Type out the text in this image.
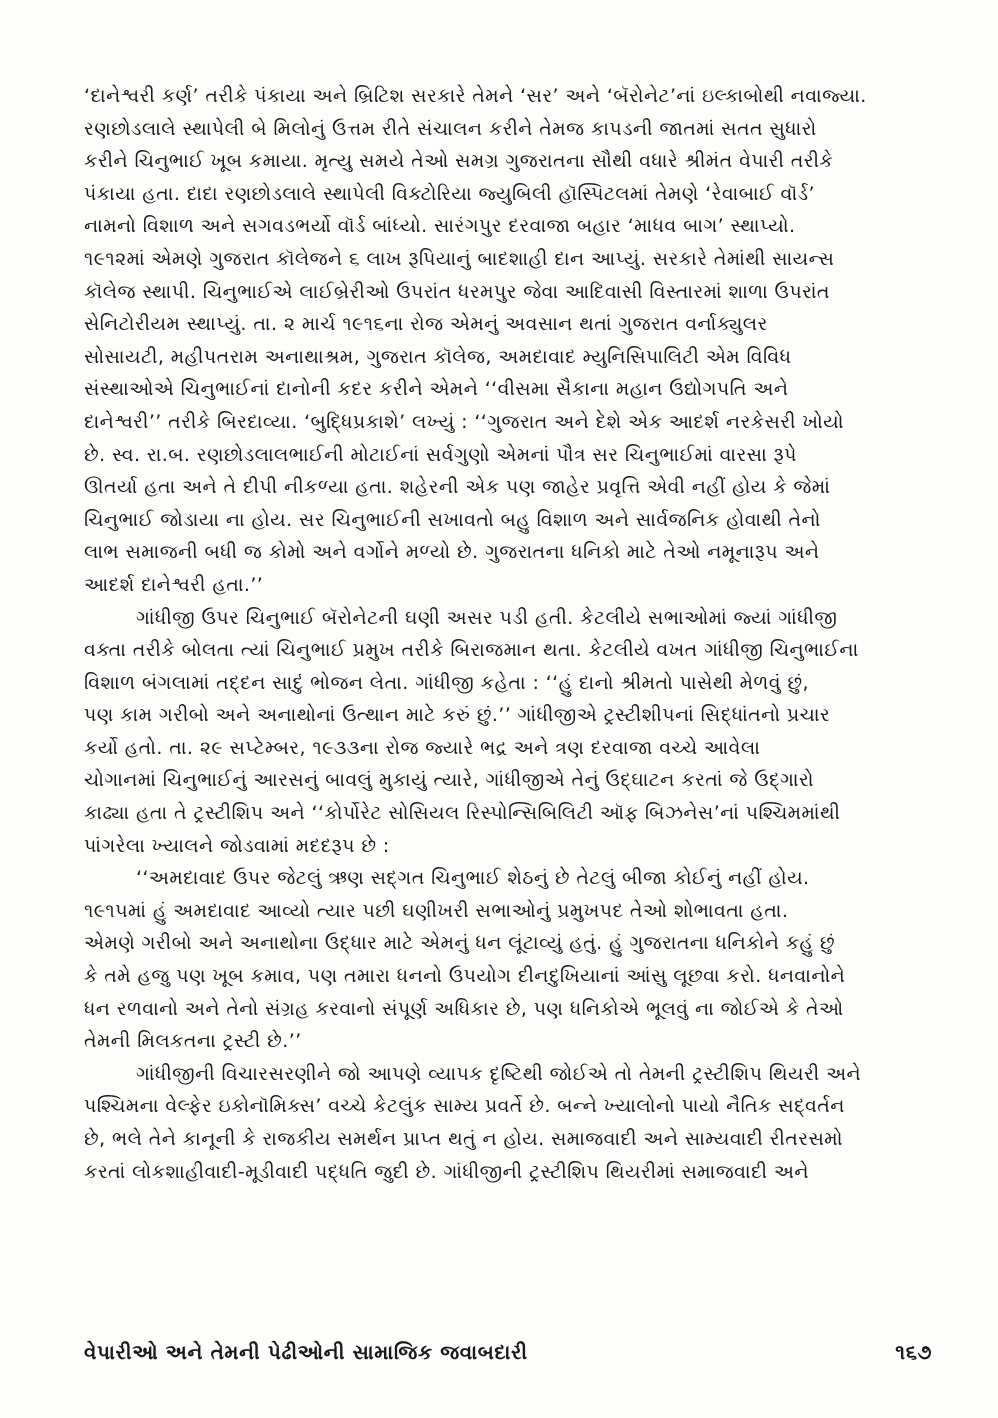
‘દાનેશ્વરી કર્ણ’ તરીકે પંકાયા અને બ્રિટિશ સરકારે તેમને ‘સર’ અને ‘બૅરોનેટ’નાં ઇલ્કાબોથી નવાજ્યા.
રણછોડલાલે સ્થાપેલી બે મિલોનું ઉત્તમ રીતે સંચાલન કરીને તેમજ કાપડની જાતમાં સતત સુધારો
કરીને ચિનુભાઈ ખૂબ કમાયા. મૃત્યુ સમયે તેઓ સમગ્ર ગુજરાતના સૌથી વધારે શ્રીમંત વેપારી તરીકે
પંકાયા હતા. દાદા રણછોડલાલે સ્થાપેલી વિક્ટોરિયા જ્યુબિલી હૉસ્પિટલમાં તેમણે ‘રેવાબાઈ વૉર્ડ’
નામનો વિશાળ અને સગવડભર્યો વૉર્ડ બાંધ્યો. સારંગપુર દરવાજા બહાર ‘માધવ બાગ’ સ્થાપ્યો.
૧૯૧૨માં એમણે ગુજરાત કૉલેજને ૬ લાખ રૂપિયાનું બાદશાહી દાન આપ્યું. સરકારે તેમાંથી સાયન્સ
કૉલેજ સ્થાપી. ચિનુભાઈએ લાઈબ્રેરીઓ ઉપરાંત ધરમપુર જેવા આદિવાસી વિસ્તારમાં શાળા ઉપરાંત
સેનિટોરીયમ સ્થાપ્યું. તા. ૨ માર્ચ ૧૯૧૬ના રોજ એમનું અવસાન થતાં ગુજરાત વર્નાક્યુલર
સોસાયટી, મહીપતરામ અનાથાશ્રમ, ગુજરાત કૉલેજ, અમદાવાદ મ્યુનિસિપાલિટી એમ વિવિધ
સંસ્થાઓએ ચિનુભાઈનાં દાનોની કદર કરીને એમને ‘‘વીસમા સૈકાના મહાન ઉદ્યોગપતિ અને
દાનેશ્વરી’’ તરીકે બિરદાવ્યા. ‘બુદ્ધિપ્રકાશે’ લખ્યું : ‘‘ગુજરાત અને દેશે એક આદર્શ નરકેસરી ખોયો
છે. સ્વ. રા.બ. રણછોડલાલભાઈની મોટાઈનાં સર્વગુણો એમનાં પૌત્ર સર ચિનુભાઈમાં વારસા રૂપે
ઊતર્યા હતા અને તે દીપી નીકળ્યા હતા. શહેરની એક પણ જાહેર પ્રવૃત્તિ એવી નહીં હોય કે જેમાં
ચિનુભાઈ જોડાયા ના હોય. સર ચિનુભાઈની સખાવતો બહુ વિશાળ અને સાર્વજનિક હોવાથી તેનો
લાભ સમાજની બધી જ કોમો અને વર્ગોને મળ્યો છે. ગુજરાતના ધનિકો માટે તેઓ નમૂનારૂપ અને
આદર્શ દાનેશ્વરી હતા.’’
ગાંધીજી ઉપર ચિનુભાઈ બૅરોનેટની ઘણી અસર પડી હતી. કેટલીયે સભાઓમાં જ્યાં ગાંધીજી
વક્તા તરીકે બોલતા ત્યાં ચિનુભાઈ પ્રમુખ તરીકે બિરાજમાન થતા. કેટલીયે વખત ગાંધીજી ચિનુભાઈના
વિશાળ બંગલામાં તદ્દન સાદું ભોજન લેતા. ગાંધીજી કહેતા : ‘‘હું દાનો શ્રીમતો પાસેથી મેળવું છું,
પણ કામ ગરીબો અને અનાથોનાં ઉત્થાન માટે કરું છું.’’ ગાંધીજીએ ટ્રસ્ટીશીપનાં સિદ્ધાંતનો પ્રચાર
કર્યો હતો. તા. ૨૯ સપ્ટેમ્બર, ૧૯૩૩ના રોજ જ્યારે ભદ્ર અને ત્રણ દરવાજા વચ્ચે આવેલા
ચોગાનમાં ચિનુભાઈનું આરસનું બાવલું મુકાયું ત્યારે, ગાંધીજીએ તેનું ઉદ્‌ઘાટન કરતાં જે ઉદ્‌ગારો
કાઢ્યા હતા તે ટ્રસ્ટીશિપ અને ‘‘કોર્પોરેટ સોસિયલ રિસ્પોન્સિબિલિટી ઑફ બિઝનેસ’નાં પશ્ચિમમાંથી
પાંગરેલા ખ્યાલને જોડવામાં મદદરૂપ છે :
‘‘અમદાવાદ ઉપર જેટલું ઋણ સદ્‌ગત ચિનુભાઈ શેઠનું છે તેટલું બીજા કોઈનું નહીં હોય.
૧૯૧૫માં હું અમદાવાદ આવ્યો ત્યાર પછી ઘણીખરી સભાઓનું પ્રમુખપદ તેઓ શોભાવતા હતા.
એમણે ગરીબો અને અનાથોના ઉદ્ધાર માટે એમનું ધન લૂંટાવ્યું હતું. હું ગુજરાતના ધનિકોને કહું છું
કે તમે હજુ પણ ખૂબ કમાવ, પણ તમારા ધનનો ઉપયોગ દીનદુખિયાનાં આંસુ લૂછવા કરો. ધનવાનોને
ધન રળવાનો અને તેનો સંગ્રહ કરવાનો સંપૂર્ણ અધિકાર છે, પણ ધનિકોએ ભૂલવું ના જોઈએ કે તેઓ
તેમની મિલકતના ટ્રસ્ટી છે.’’
ગાંધીજીની વિચારસરણીને જો આપણે વ્યાપક દૃષ્ટિથી જોઈએ તો તેમની ટ્રસ્ટીશિપ થિયરી અને
પશ્ચિમના વેલ્ફેર ઇકોનૉમિક્સ’ વચ્ચે કેટલુંક સામ્ય પ્રવર્તે છે. બન્ને ખ્યાલોનો પાયો નૈતિક સદ્‌વર્તન
છે, ભલે તેને કાનૂની કે રાજકીય સમર્થન પ્રાપ્ત થતું ન હોય. સમાજવાદી અને સામ્યવાદી રીતરસમો
કરતાં લોકશાહીવાદી-મૂડીવાદી પદ્ધતિ જુદી છે. ગાંધીજીની ટ્રસ્ટીશિપ થિયરીમાં સમાજવાદી અને
વેપારીઓ અને તેમની પેઢીઓની સામાજિક જવાબદારી	૧૬૭
